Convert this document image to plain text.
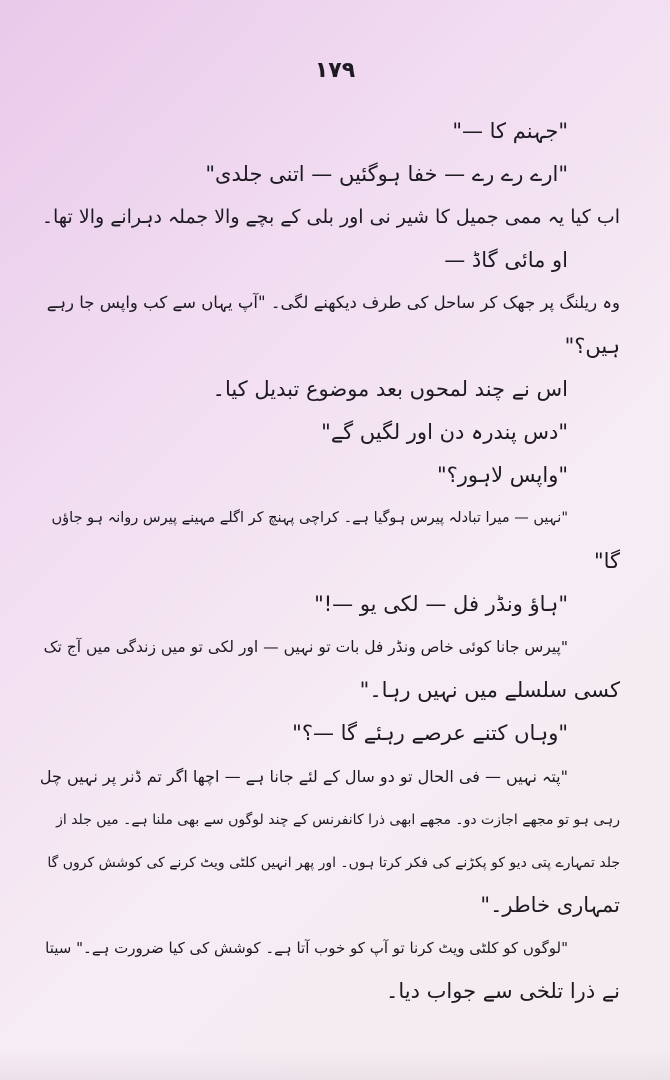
۱۷۹
"جہنم کا —"
"ارے رے رے — خفا ہوگئیں — اتنی جلدی"
اب کیا یہ ممی جمیل کا شیر نی اور بلی کے بچے والا جملہ دہرانے والا تھا۔
او مائی گاڈ —
وہ ریلنگ پر جھک کر ساحل کی طرف دیکھنے لگی۔ "آپ یہاں سے کب واپس جا رہے
ہیں؟"
اس نے چند لمحوں بعد موضوع تبدیل کیا۔
"دس پندرہ دن اور لگیں گے"
"واپس لاہور؟"
"نہیں — میرا تبادلہ پیرس ہوگیا ہے۔ کراچی پہنچ کر اگلے مہینے پیرس روانہ ہو جاؤں
گا"
"ہاؤ ونڈر فل — لکی یو —!"
"پیرس جانا کوئی خاص ونڈر فل بات تو نہیں — اور لکی تو میں زندگی میں آج تک
کسی سلسلے میں نہیں رہا۔"
"وہاں کتنے عرصے رہئے گا —؟"
"پتہ نہیں — فی الحال تو دو سال کے لئے جانا ہے — اچھا اگر تم ڈنر پر نہیں چل
رہی ہو تو مجھے اجازت دو۔ مجھے ابھی ذرا کانفرنس کے چند لوگوں سے بھی ملنا ہے۔ میں جلد از
جلد تمہارے پتی دیو کو پکڑنے کی فکر کرتا ہوں۔ اور پھر انہیں کلٹی ویٹ کرنے کی کوشش کروں گا
تمہاری خاطر۔"
"لوگوں کو کلٹی ویٹ کرنا تو آپ کو خوب آتا ہے۔ کوشش کی کیا ضرورت ہے۔" سیتا
نے ذرا تلخی سے جواب دیا۔
